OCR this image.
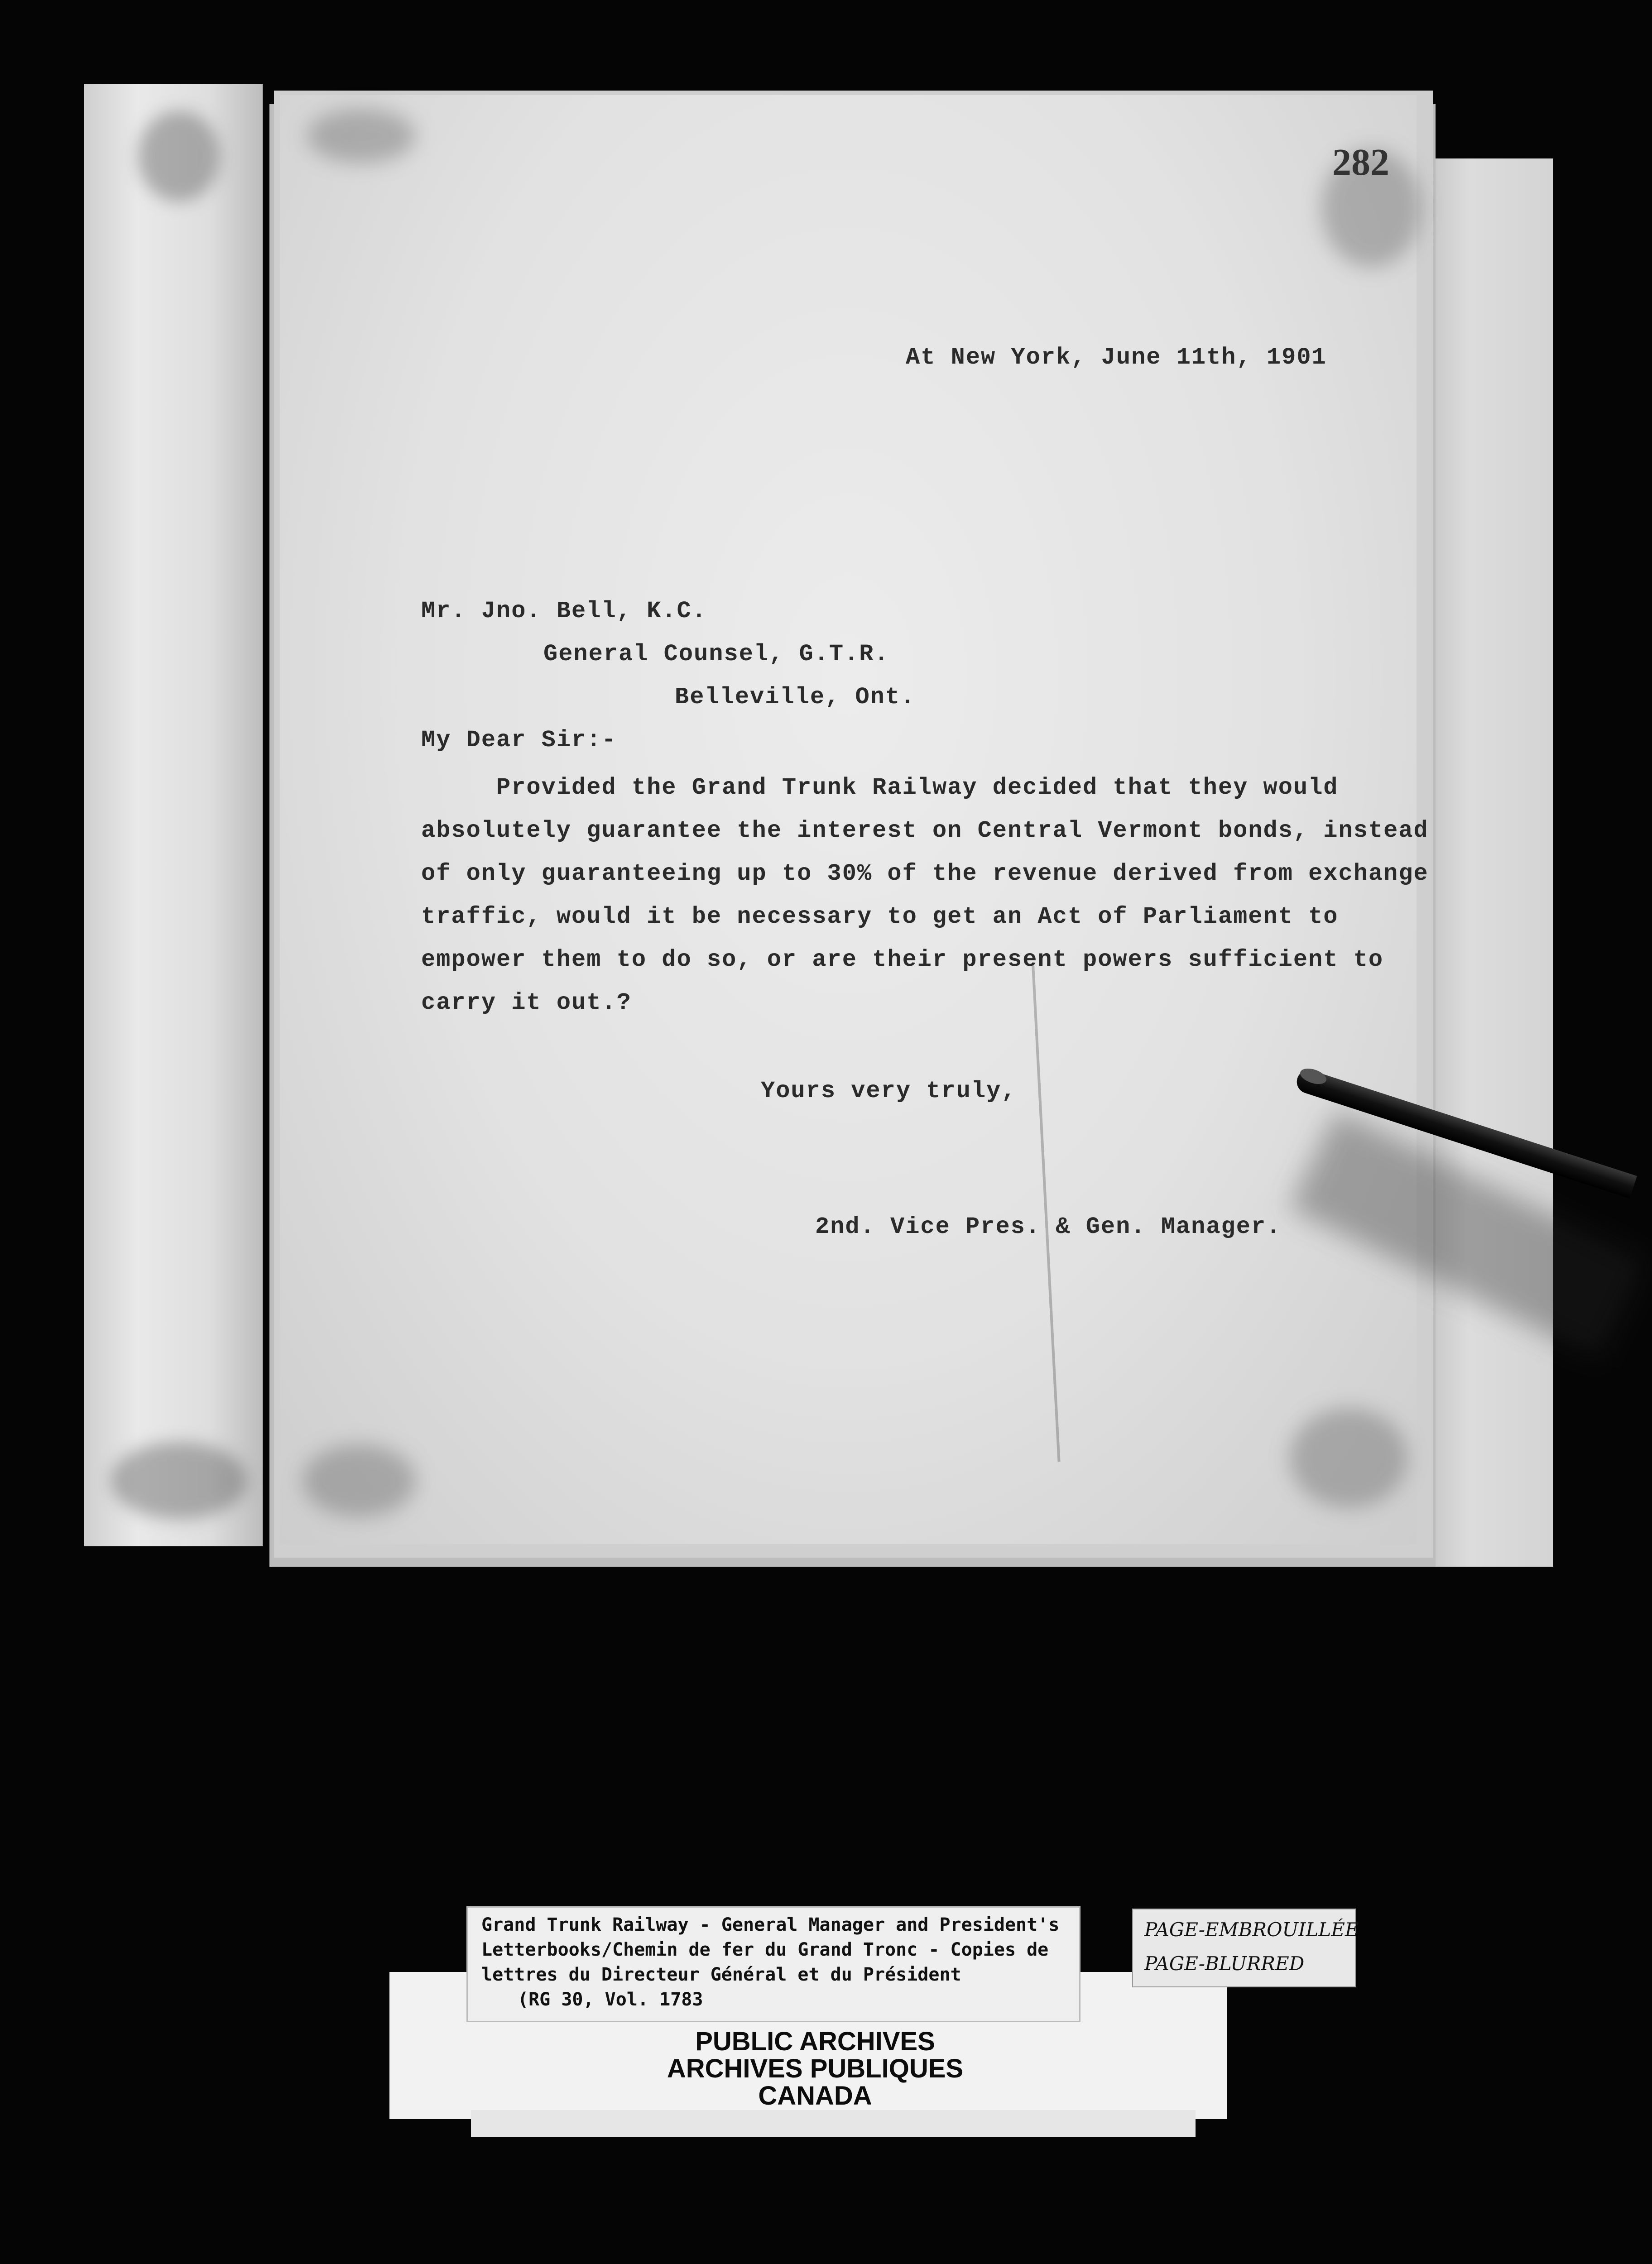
282
At New York, June 11th, 1901
Mr. Jno. Bell, K.C.
General Counsel, G.T.R.
Belleville, Ont.
My Dear Sir:-
Provided the Grand Trunk Railway decided that they would
absolutely guarantee the interest on Central Vermont bonds, instead
of only guaranteeing up to 30% of the revenue derived from exchange
traffic, would it be necessary to get an Act of Parliament to
empower them to do so, or are their present powers sufficient to
carry it out.?
Yours very truly,
2nd. Vice Pres. & Gen. Manager.
Grand Trunk Railway - General Manager and President's
Letterbooks/Chemin de fer du Grand Tronc - Copies de
lettres du Directeur Général et du Président
(RG 30, Vol. 1783
PUBLIC ARCHIVES
ARCHIVES PUBLIQUES
CANADA
PAGE-EMBROUILLÉE
PAGE-BLURRED
